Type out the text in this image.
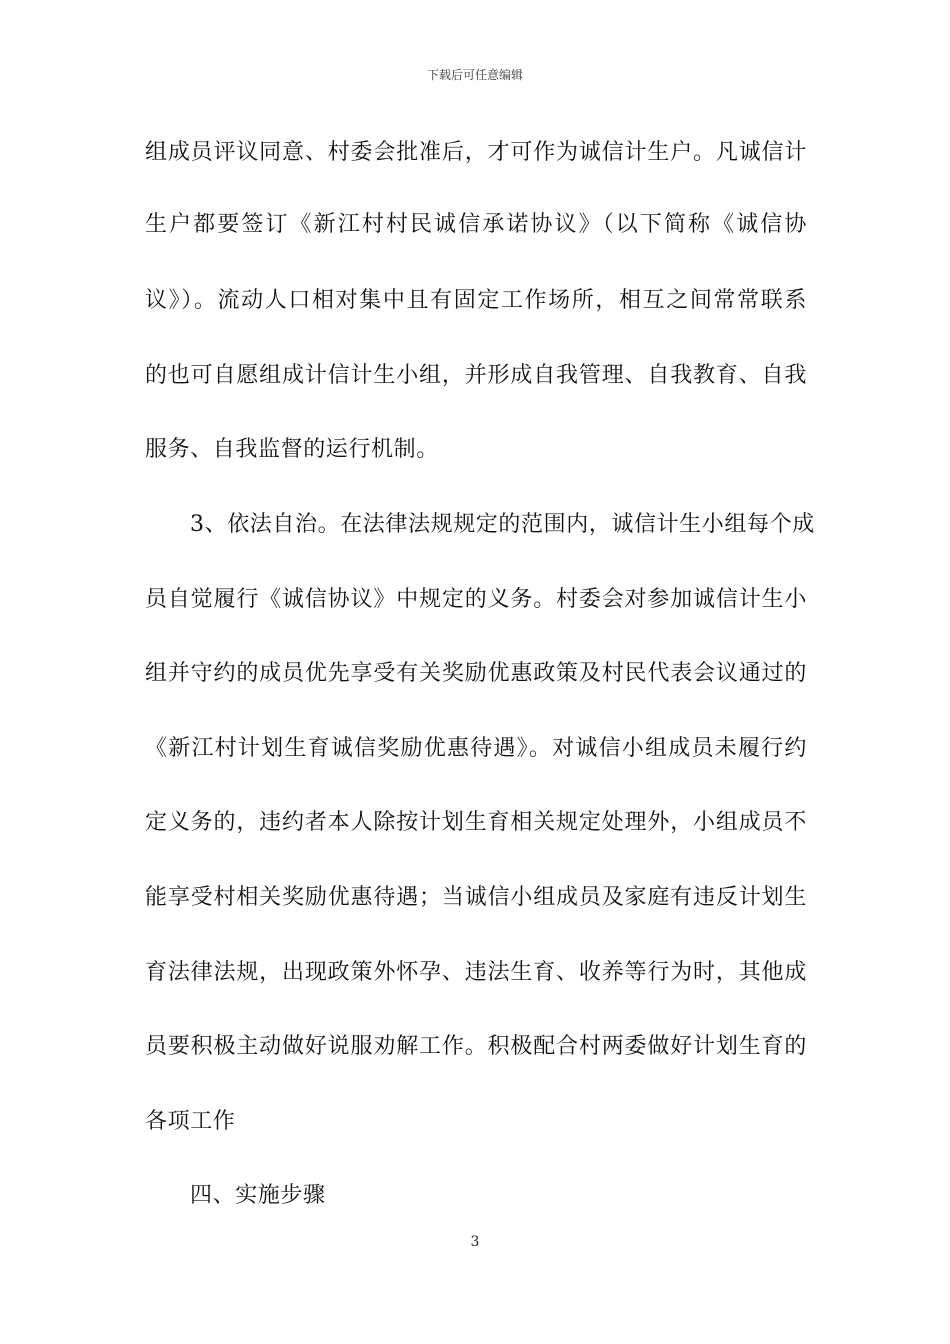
下载后可任意编辑
组成员评议同意、村委会批准后，才可作为诚信计生户。凡诚信计
生户都要签订《新江村村民诚信承诺协议》（以下简称《诚信协
议》）。流动人口相对集中且有固定工作场所，相互之间常常联系
的也可自愿组成计信计生小组，并形成自我管理、自我教育、自我
服务、自我监督的运行机制。
3、依法自治。在法律法规规定的范围内，诚信计生小组每个成
员自觉履行《诚信协议》中规定的义务。村委会对参加诚信计生小
组并守约的成员优先享受有关奖励优惠政策及村民代表会议通过的
《新江村计划生育诚信奖励优惠待遇》。对诚信小组成员未履行约
定义务的，违约者本人除按计划生育相关规定处理外，小组成员不
能享受村相关奖励优惠待遇；当诚信小组成员及家庭有违反计划生
育法律法规，出现政策外怀孕、违法生育、收养等行为时，其他成
员要积极主动做好说服劝解工作。积极配合村两委做好计划生育的
各项工作
四、实施步骤
3
